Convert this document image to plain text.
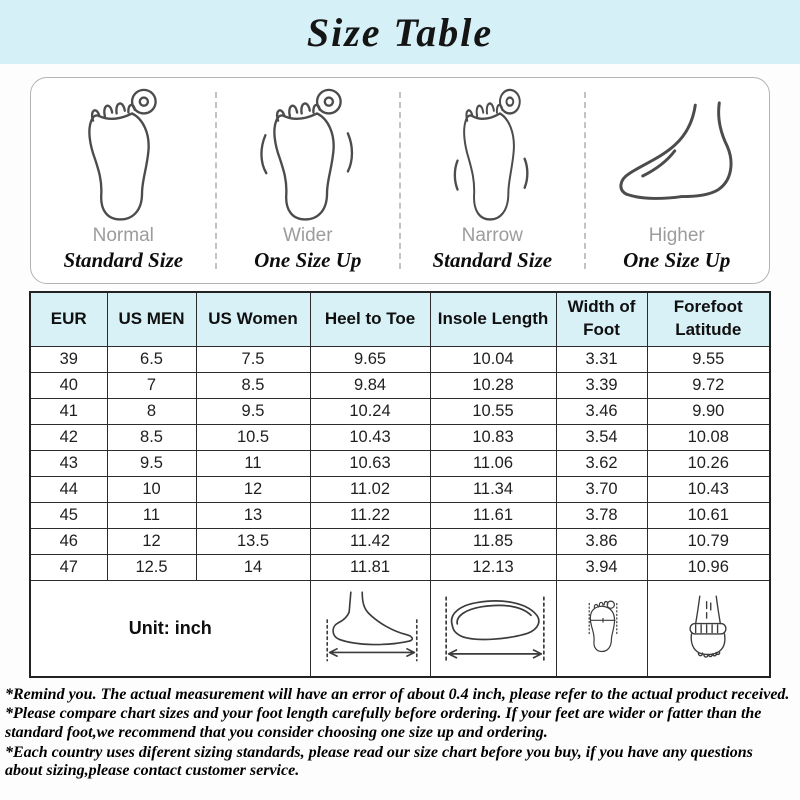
Size Table
Normal
Standard Size
Wider
One Size Up
Narrow
Standard Size
Higher
One Size Up
EUR	US MEN	US Women	Heel to Toe	Insole Length	Width of Foot	Forefoot Latitude
39	6.5	7.5	9.65	10.04	3.31	9.55
40	7	8.5	9.84	10.28	3.39	9.72
41	8	9.5	10.24	10.55	3.46	9.90
42	8.5	10.5	10.43	10.83	3.54	10.08
43	9.5	11	10.63	11.06	3.62	10.26
44	10	12	11.02	11.34	3.70	10.43
45	11	13	11.22	11.61	3.78	10.61
46	12	13.5	11.42	11.85	3.86	10.79
47	12.5	14	11.81	12.13	3.94	10.96
Unit: inch				

*Remind you. The actual measurement will have an error of about 0.4 inch, please refer to the actual product received.

*Please compare chart sizes and your foot length carefully before ordering. If your feet are wider or fatter than the standard foot,we recommend that you consider choosing one size up and ordering.

*Each country uses diferent sizing standards, please read our size chart before you buy, if you have any questions about sizing,please contact customer service.
